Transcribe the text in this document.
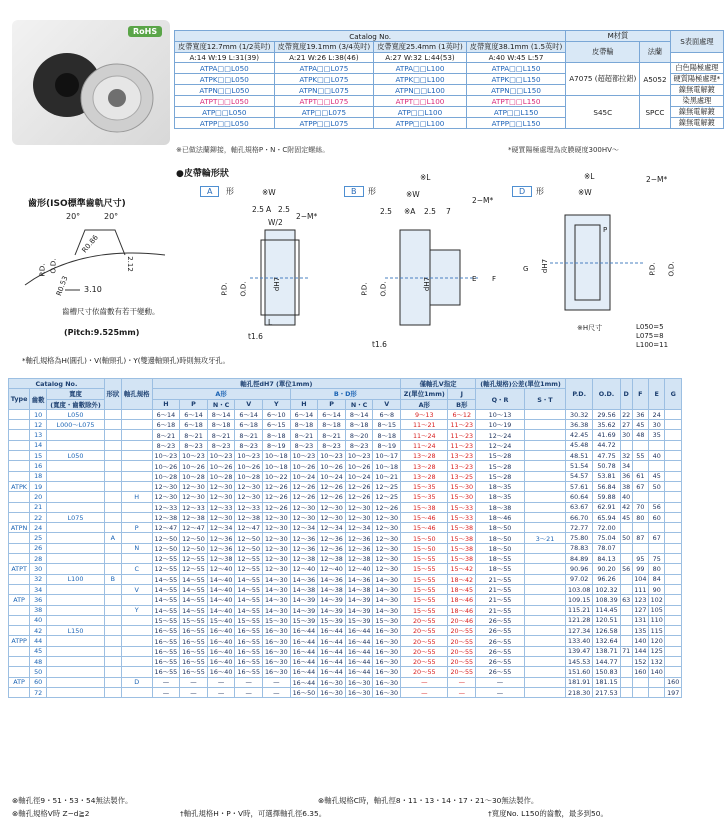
RoHS	Catalog No.				M材質		S表面處理
皮帶寬度12.7mm (1/2英吋)	皮帶寬度19.1mm (3/4英吋)	皮帶寬度25.4mm (1英吋)	皮帶寬度38.1mm (1.5英吋)	皮帶輪	法蘭	
A:14 W:19 L:31(39)	A:21 W:26 L:38(46)	A:27 W:32 L:44(53)	A:40 W:45 L:57			
ATPA□□L050	ATPA□□L075	ATPA□□L100	ATPA□□L150	A7075 (超超都拉鋁)	A5052	白色陽極處理
ATPK□□L050	ATPK□□L075	ATPK□□L100	ATPK□□L150			硬質陽極處理*
ATPN□□L050	ATPN□□L075	ATPN□□L100	ATPN□□L150			鎳無電解鍍
ATPT□□L050	ATPT□□L075	ATPT□□L100	ATPT□□L150	S45C	SPCC	染黑處理
ATP□□L050	ATP□□L075	ATP□□L100	ATP□□L150			鎳無電解鍍
ATPP□□L050	ATPP□□L075	ATPP□□L100	ATPP□□L150			鎳無電解鍍
※已做法蘭鉚接，軸孔規格P・N・C附固定螺絲。	*硬質陽極處理為皮膜硬度300HV～
●皮帶輪形狀
A	形	B	形	D	形
齒形(ISO標準齒軌尺寸)
20°	20°
R0.86
2.12
O.D.
P.D.
R0.53 3.10
齒槽尺寸依齒數有若干變動。
(Pitch:9.525mm)
※W
2.5 A 2.5
W/2
2−M*
P.D. O.D.	dH7
t1.6
L
※L
※W
2.5 ※A 2.5 7
2−M*
P.D. O.D.	dH7	E F
t1.6
※L
※W
2−M*
G	P.D. O.D.
dH7
P
※H尺寸	L050=5
L075=8
L100=11
*軸孔規格為H(圓孔)・V(軸頸孔)・Y(雙邊軸頸孔)時則無攻牙孔。
Catalog No.			形狀	軸孔規格	軸孔徑dH7 (單位1mm)									僅軸孔V指定		(軸孔規格)公差(單位1mm)		P.D.	O.D.	D	F	E	G
Type	齒數	寬度			A形					B・D形				Z(單位1mm)	J	Q・R	S・T						
		(寬度・齒數除外)			H	P	N・C	V	Y	H	P	N・C	V	A形	B形								
	10	L050			6〜14	6〜14	8〜14	6〜14	6〜10	6〜14	6〜14	8〜14	6〜8	9〜13	6〜12	10〜13		30.32	29.56	22	36	24	
	12	L000〜L075			6〜18	6〜18	8〜18	6〜18	6〜15	8〜18	8〜18	8〜18	8〜15	11〜21	11〜23	10〜19		36.38	35.62	27	45	30	
	13				8〜21	8〜21	8〜21	8〜21	8〜18	8〜21	8〜21	8〜20	8〜18	11〜24	11〜23	12〜24		42.45	41.69	30	48	35	
	14				8〜23	8〜23	8〜23	8〜23	8〜19	8〜23	8〜23	8〜23	8〜19	11〜24	11〜23	12〜24		45.48	44.72				
	15	L050			10〜23	10〜23	10〜23	10〜23	10〜18	10〜23	10〜23	10〜23	10〜17	13〜28	13〜23	15〜28		48.51	47.75	32	55	40	
	16				10〜26	10〜26	10〜26	10〜26	10〜18	10〜26	10〜26	10〜26	10〜18	13〜28	13〜23	15〜28		51.54	50.78	34			
	18				10〜28	10〜28	10〜28	10〜28	10〜22	10〜24	10〜24	10〜24	10〜21	13〜28	13〜25	15〜28		54.57	53.81	36	61	45	
ATPK	19				12〜30	12〜30	12〜30	12〜30	12〜26	12〜26	12〜26	12〜26	12〜25	15〜35	15〜30	18〜35		57.61	56.84	38	67	50	
	20			H	12〜30	12〜30	12〜30	12〜30	12〜26	12〜26	12〜26	12〜26	12〜25	15〜35	15〜30	18〜35		60.64	59.88	40			
	21				12〜33	12〜33	12〜33	12〜33	12〜26	12〜30	12〜30	12〜30	12〜26	15〜38	15〜33	18〜38		63.67	62.91	42	70	56	
	22	L075			12〜38	12〜38	12〜30	12〜38	12〜30	12〜30	12〜30	12〜30	12〜30	15〜46	15〜33	18〜46		66.70	65.94	45	80	60	
ATPN	24			P	12〜47	12〜47	12〜34	12〜47	12〜30	12〜34	12〜34	12〜34	12〜30	15〜46	15〜38	18〜50		72.77	72.00				
	25		A		12〜50	12〜50	12〜36	12〜50	12〜30	12〜36	12〜36	12〜36	12〜30	15〜50	15〜38	18〜50	3〜21	75.80	75.04	50	87	67	
	26			N	12〜50	12〜50	12〜36	12〜50	12〜30	12〜36	12〜36	12〜36	12〜30	15〜50	15〜38	18〜50		78.83	78.07				
	28				12〜55	12〜55	12〜38	12〜55	12〜30	12〜38	12〜38	12〜38	12〜30	15〜55	15〜38	18〜55		84.89	84.13		95	75	
ATPT	30			C	12〜55	12〜55	12〜40	12〜55	12〜30	12〜40	12〜40	12〜40	12〜30	15〜55	15〜42	18〜55		90.96	90.20	56	99	80	
	32	L100	B		14〜55	14〜55	14〜40	14〜55	14〜30	14〜36	14〜36	14〜36	14〜30	15〜55	18〜42	21〜55		97.02	96.26		104	84	
	34			V	14〜55	14〜55	14〜40	14〜55	14〜30	14〜38	14〜38	14〜38	14〜30	15〜55	18〜45	21〜55		103.08	102.32		111	90	
ATP	36				14〜55	14〜55	14〜40	14〜55	14〜30	14〜39	14〜39	14〜39	14〜30	15〜55	18〜46	21〜55		109.15	108.39	63	123	102	
	38			Y	14〜55	14〜55	14〜40	14〜55	14〜30	14〜39	14〜39	14〜39	14〜30	15〜55	18〜46	21〜55		115.21	114.45		127	105	
	40				15〜55	15〜55	15〜40	15〜55	15〜30	15〜39	15〜39	15〜39	15〜30	20〜55	20〜46	26〜55		121.28	120.51		131	110	
	42	L150			16〜55	16〜55	16〜40	16〜55	16〜30	16〜44	16〜44	16〜44	16〜30	20〜55	20〜55	26〜55		127.34	126.58		135	115	
ATPP	44				16〜55	16〜55	16〜40	16〜55	16〜30	16〜44	16〜44	16〜44	16〜30	20〜55	20〜55	26〜55		133.40	132.64		140	120	
	45				16〜55	16〜55	16〜40	16〜55	16〜30	16〜44	16〜44	16〜44	16〜30	20〜55	20〜55	26〜55		139.47	138.71	71	144	125	
	48				16〜55	16〜55	16〜40	16〜55	16〜30	16〜44	16〜44	16〜44	16〜30	20〜55	20〜55	26〜55		145.53	144.77		152	132	
	50				16〜55	16〜55	16〜40	16〜55	16〜30	16〜44	16〜44	16〜44	16〜30	20〜55	20〜55	26〜55		151.60	150.83		160	140	
ATP	60			D	—	—	—	—	—	16〜44	16〜30	16〜30	16〜30	—	—	—		181.91	181.15				160
	72				—	—	—	—	—	16〜50	16〜30	16〜30	16〜30	—	—	—		218.30	217.53				197
⊗軸孔徑9・51・53・54無法製作。	⊗軸孔規格C時，軸孔徑8・11・13・14・17・21〜30無法製作。
⊗軸孔規格V時 Z−d≧2	†軸孔規格H・P・V時，可選擇軸孔徑6.35。	†寬度No. L150的齒數，最多到50。
